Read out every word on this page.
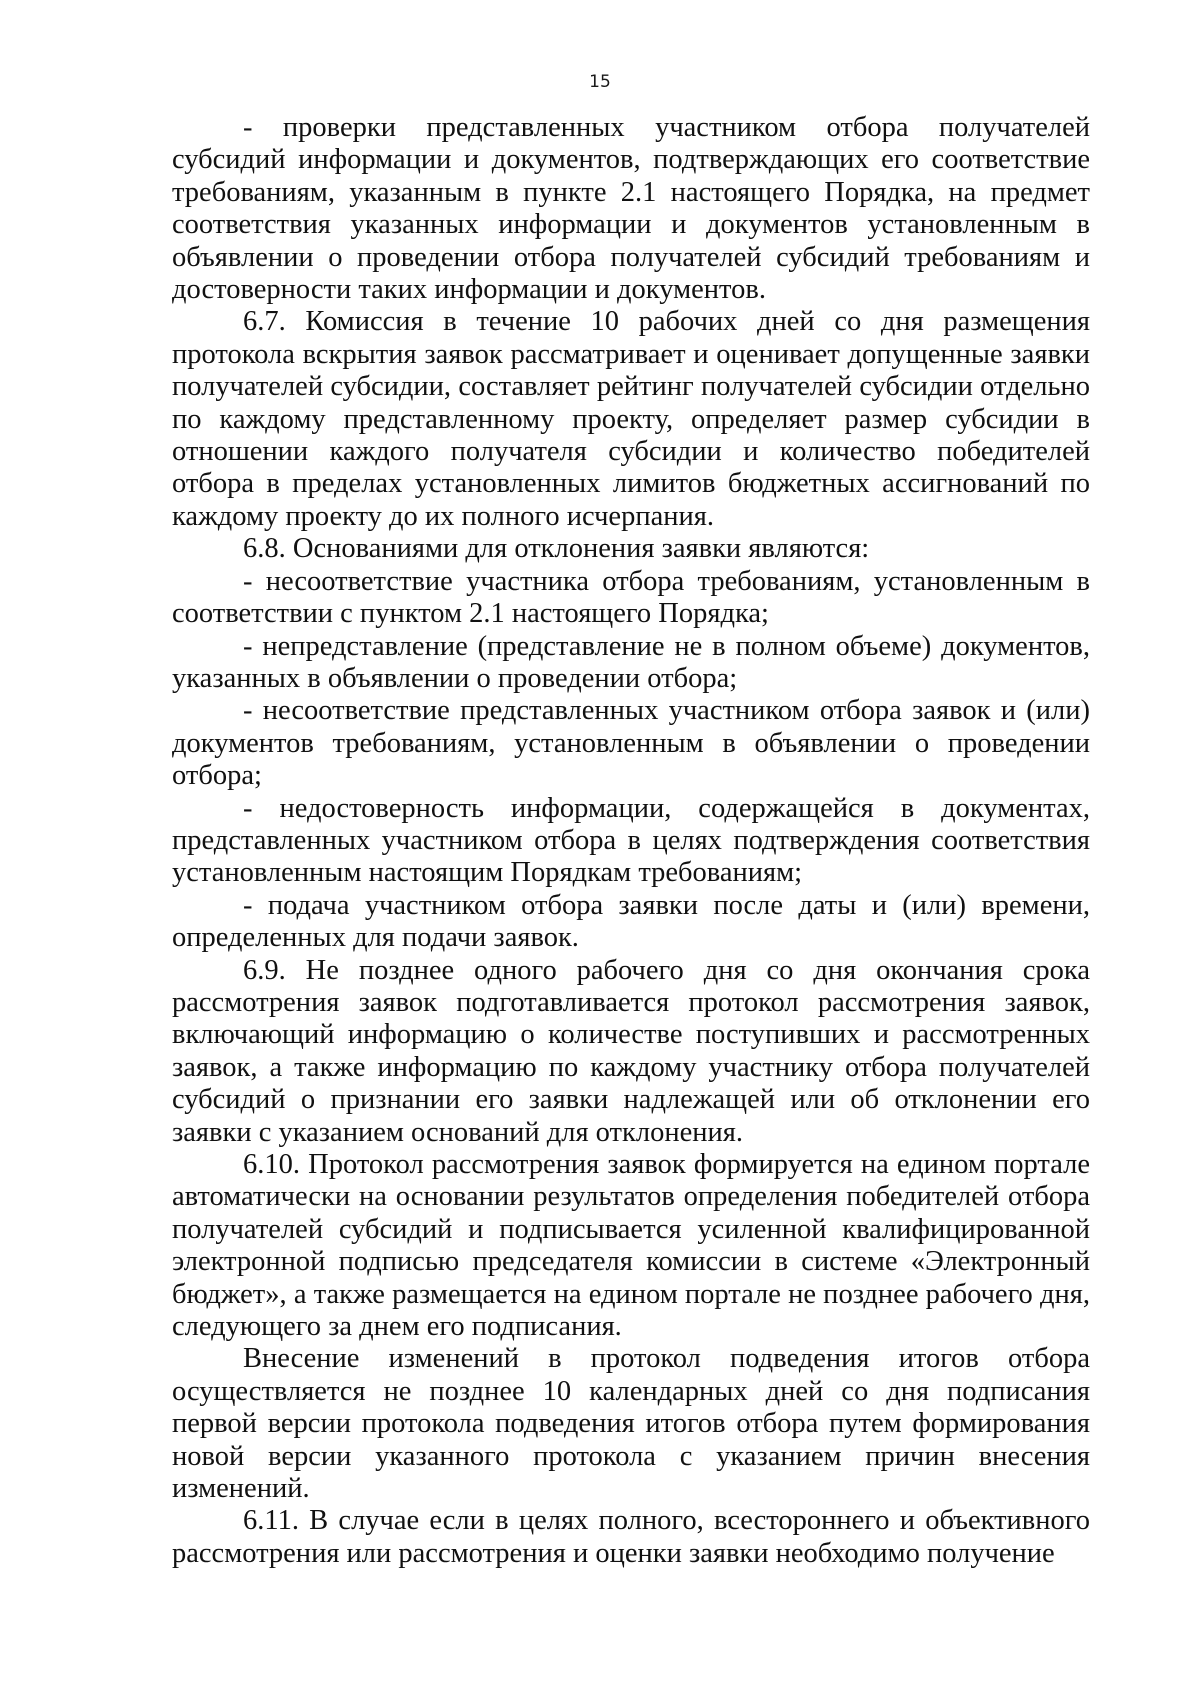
15

- проверки представленных участником отбора получателей субсидий информации и документов, подтверждающих его соответствие требованиям, указанным в пункте 2.1 настоящего Порядка, на предмет соответствия указанных информации и документов установленным в объявлении о проведении отбора получателей субсидий требованиям и достоверности таких информации и документов.

6.7. Комиссия в течение 10 рабочих дней со дня размещения протокола вскрытия заявок рассматривает и оценивает допущенные заявки получателей субсидии, составляет рейтинг получателей субсидии отдельно по каждому представленному проекту, определяет размер субсидии в отношении каждого получателя субсидии и количество победителей отбора в пределах установленных лимитов бюджетных ассигнований по каждому проекту до их полного исчерпания.

6.8. Основаниями для отклонения заявки являются:

- несоответствие участника отбора требованиям, установленным в соответствии с пунктом 2.1 настоящего Порядка;

- непредставление (представление не в полном объеме) документов, указанных в объявлении о проведении отбора;

- несоответствие представленных участником отбора заявок и (или) документов требованиям, установленным в объявлении о проведении отбора;

- недостоверность информации, содержащейся в документах, представленных участником отбора в целях подтверждения соответствия установленным настоящим Порядкам требованиям;

- подача участником отбора заявки после даты и (или) времени, определенных для подачи заявок.

6.9. Не позднее одного рабочего дня со дня окончания срока рассмотрения заявок подготавливается протокол рассмотрения заявок, включающий информацию о количестве поступивших и рассмотренных заявок, а также информацию по каждому участнику отбора получателей субсидий о признании его заявки надлежащей или об отклонении его заявки с указанием оснований для отклонения.

6.10. Протокол рассмотрения заявок формируется на едином портале автоматически на основании результатов определения победителей отбора получателей субсидий и подписывается усиленной квалифицированной электронной подписью председателя комиссии в системе «Электронный бюджет», а также размещается на едином портале не позднее рабочего дня, следующего за днем его подписания.

Внесение изменений в протокол подведения итогов отбора осуществляется не позднее 10 календарных дней со дня подписания первой версии протокола подведения итогов отбора путем формирования новой версии указанного протокола с указанием причин внесения изменений.

6.11. В случае если в целях полного, всестороннего и объективного рассмотрения или рассмотрения и оценки заявки необходимо получение
